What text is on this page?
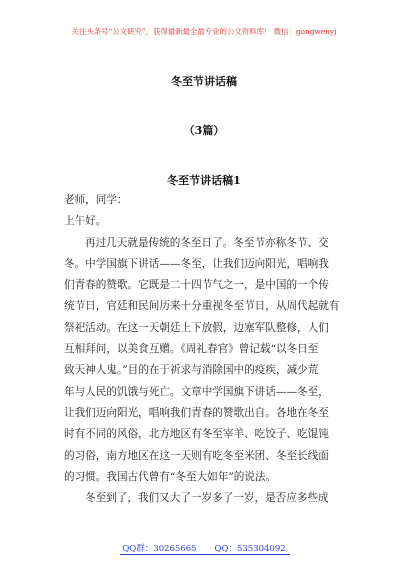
关注头条号“公文研究”，获得最新最全最专业的公文资料库！ 微信：gongwenyj
冬至节讲话稿
（3篇）
冬至节讲话稿1
老师，同学：
上午好。
再过几天就是传统的冬至日了。冬至节亦称冬节、交
冬。中学国旗下讲话——冬至，让我们迈向阳光，唱响我
们青春的赞歌。它既是二十四节气之一，是中国的一个传
统节日，官廷和民间历来十分重视冬至节日，从周代起就有
祭祀活动。在这一天朝廷上下放假，边塞军队整修，人们
互相拜问，以美食互赠。《周礼春官》曾记载“以冬日至
致天神人鬼。”目的在于祈求与消除国中的疫疾，减少荒
年与人民的饥饿与死亡。文章中学国旗下讲话——冬至，
让我们迈向阳光，唱响我们青春的赞歌出自。各地在冬至
时有不同的风俗，北方地区有冬至宰羊、吃饺子、吃馄饨
的习俗，南方地区在这一天则有吃冬至米团、冬至长线面
的习惯。我国古代曾有“冬至大如年”的说法。
冬至到了，我们又大了一岁多了一岁，是否应多些成
QQ群：30265665 QQ：535304092
